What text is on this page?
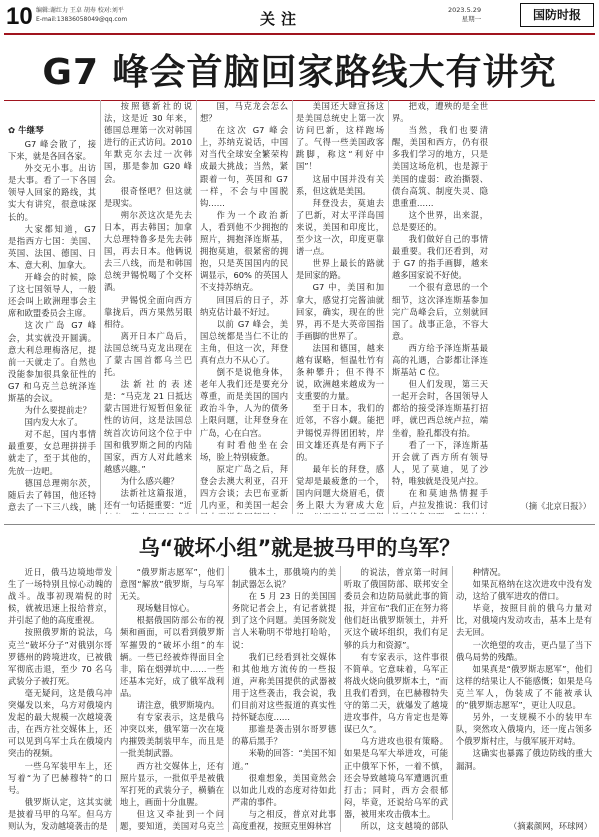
10 编辑:谢红力 王卓 胡寿 校对:刘平
E-mail:13836058049@qq.com	关注	2023.5.29
星期一	国防时报
G7 峰会首脑回家路线大有讲究
✿ 牛继琴

G7 峰会散了，接下来，就是各回各家。

外交无小事。出访是大事。看了一下各国领导人回家的路线，其实大有讲究，很意味深长的。

大家都知道，G7 是指西方七国：美国、英国、法国、德国、日本、意大利、加拿大。

开峰会的时候，除了这七国领导人，一般还会叫上欧洲理事会主席和欧盟委员会主席。

这次广岛 G7 峰会，其实就没开圆满。意大利总理梅洛尼，提前一天就走了。自然也没能参加很具象征性的 G7 和乌克兰总统泽连斯基的会议。

为什么要提前走？

国内发大水了。

对不起，国内事情最重要，女总理拼拼手就走了，至于其他的，先放一边吧。

德国总理朔尔茨，随后去了韩国，他还特意去了一下三八线，眺

按照德新社的说法，这是近 30 年来，德国总理第一次对韩国进行的正式访问。2010 年默克尔去过一次韩国，那是参加 G20 峰会。

很奇怪吧？但这就是现实。

朔尔茨这次是先去日本，再去韩国；加拿大总理特鲁多是先去韩国，再去日本。他俩说去三八线，而是和韩国总统尹锡悦喝了个交杯酒。

尹锡悦全面向西方靠拢后，西方果然另眼相待。

离开日本广岛后，法国总统马克龙出现在了蒙古国首都乌兰巴托。

法新社的表述是：“马克龙 21 日抵达蒙古国进行短暂但象征性的访问，这是法国总统首次访问这个位于中国和俄罗斯之间的内陆国家，西方人对此越来越感兴趣。”

为什么感兴趣？

法新社这篇报道，还有一句话挺重要：“近

国，马克龙会怎么想？

在这次 G7 峰会上，苏纳克说话，中国对当代全球安全繁荣构成最大挑战；当然，紧跟着一句，英国和 G7 一样，不会与中国脱钩……

作为一个政治新人，看到他不少拥抱的照片，拥抱泽连斯基，拥抱莫迪，很紧密的拥抱，只是英国国内的民调显示，60% 的英国人不支持苏纳克。

回国后的日子，苏纳克估计最不好过。

以前 G7 峰会，美国总统都是当仁不让的主角，但这一次，拜登真有点力不从心了。

倒不是说他身体，老年人我们还是要充分尊重，而是美国的国内政治斗争，人为的债务上限问题，让拜登身在广岛，心在白宫。

有时看他坐在会场，脸上特别疲惫。

原定广岛之后，拜登会去澳大利亚，召开四方会谈；去巴布亚新几内亚，和美国一起会

美国还大肆宣扬这是美国总统史上第一次访问巴新，这样跑场了。气得一些美国政客跳脚，称这“利好中国”！

这届中国并没有关系，但这就是美国。

拜登没去，莫迪去了巴新，对太平洋岛国来说，美国和印度比，至少这一次，印度更靠谱一点。

世界上最长的路就是回家的路。

G7 中，美国和加拿大，感觉打完酱油就回家，确实，现在的世界，再不是大英帝国指手画脚的世界了。

法国和德国，越来越有谋略，恒温牡竹有条种攀升；但不得不说，欧洲越来越成为一支重要的力量。

至于日本，我们的近邻，不容小觑。能把尹锡悦弄得团团转，岸田文雄还真是有两下子的。

最年长的拜登，感觉却是最疲惫的一个，国内问题大烧眉毛，债务上限大为窘成大危

把戏，遭殃的是全世界。

当然，我们也要清醒，美国和西方，仍有很多我们学习的地方，只是美国这场危机，也是源于美国的虚弱：政治撕裂、债台高筑、制度失灵、隐患重重……

这个世界，出来混，总是要还的。

我们做好自己的事情最重要。我们还看到，对于 G7 的指手画脚，越来越多国家说不好使。

一个很有意思的一个细节，这次泽连斯基参加完广岛峰会后，立刻就回国了。战事正急，不容大意。

西方给予泽连斯基最高的礼遇，合影都让泽连斯基站 C 位。

但人们发现，第三天一起开会时，各国领导人都给的接受泽连斯基打招呼，就巴西总统卢拉，端坐着，脸孔都没有抬。

看了一下，泽连斯基开会就了西方所有领导人，见了莫迪，见了沙特，唯独就是没见卢拉。

在和莫迪热情握手后，卢拉发推说：我们讨	（摘《北京日报》）

乌“破坏小组”就是披马甲的乌军？

近日，俄马边境地带发生了一场特别且惊心动魄的战斗。战事初现端倪的时候，就被迅速上报给普京，并引起了他的高度重视。

按照俄罗斯的说法，乌克兰“破坏分子”对俄别尔哥罗德州的跨境进攻，已被俄军彻底击退，至少 70 名乌武装分子被打死。

毫无疑问，这是俄乌冲突爆发以来，乌方对俄境内发起的最大规模一次越境袭击，在西方社交媒体上，还可以见到乌军士兵在俄境内突击的视频。

一些乌军装甲车上，还写着“为了巴赫穆特”的口号。

俄罗斯认定，这其实就是披着马甲的乌军。但乌方则认为，发动越境袭击的是

“俄罗斯志愿军”，他们意图“解放”俄罗斯，与乌军无关。

现场魅目惊心。

根据俄国防部公布的视频和画面，可以看到俄罗斯军摧毁的“破坏小组”的车辆。一些已经被炸得面目全非，陷在烟弹坑中……一些还基本完好，成了俄军战利品。

请注意，俄罗斯境内。

有专家表示，这是俄乌冲突以来，俄军第一次在境内摧毁美制装甲车，而且是一批美制武器。

西方社交媒体上，还有照片显示，一批似乎是被俄军打死的武装分子，横躺在地上，画面十分血腥。

但这又牵扯到一个问题，要知道，美国对乌克兰

俄本土，那俄境内的美制武器怎么说？

在 5 月 23 日的美国国务院记者会上，有记者就提到了这个问题。美国务院发言人米勒明不带地打哈哈，说：

我们已经看到社交媒体和其他地方流传的一些报道，声称美国提供的武器被用于这些袭击，我会说，我们目前对这些报道的真实性持怀疑态度……

那谁是袭击别尔哥罗德的幕后黑手？

米勒的回答：“美国不知道。”

很难想象，美国竟然会以如此儿戏的态度对待如此严肃的事件。

与之相反，普京对此事高度重视，按照克里姆林宫

的说法，普京第一时间听取了俄国防部、联邦安全委员会和边防局就此事的简报，并宣布“我们正在努力将他们赶出俄罗斯领土，并歼灭这个破坏组织，我们有足够的兵力和资源”。

有专家表示，这件事很不简单。它意味着，乌军正将战火烧向俄罗斯本土，“而且我们看到，在巴赫穆特失守的第二天，就爆发了越境进攻事件，乌方肯定也是筹谋已久”。

乌方进攻也很有策略。如果是乌军大举进攻，可能正中俄军下怀，一着不慎，还会导致越境乌军遭遇沉重打击；同时，西方会很郁闷，毕竟，还说给乌军的武器，被用来攻击俄本土。

所以，这支越境的部队

种情况。

如果瓦格纳在这次进攻中没有发动，这给了俄军进攻的借口。

毕竟，按照目前的俄乌力量对比，对俄境内发动攻击，基本上是有去无回。

一次绝望的攻击，更凸显了当下俄乌局势的残酷。

如果真是“俄罗斯志愿军”，他们这样的结果让人不能感慨；如果是乌克兰军人，伪装成了不能被承认的“俄罗斯志愿军”，更让人叹息。

另外，一支规模不小的装甲车队，突然攻入俄境内，还一度占领多个俄罗斯村庄，与俄军展开对峙。

这确实也暴露了俄边防线的重大漏洞。

（摘素颜网，环球网）
